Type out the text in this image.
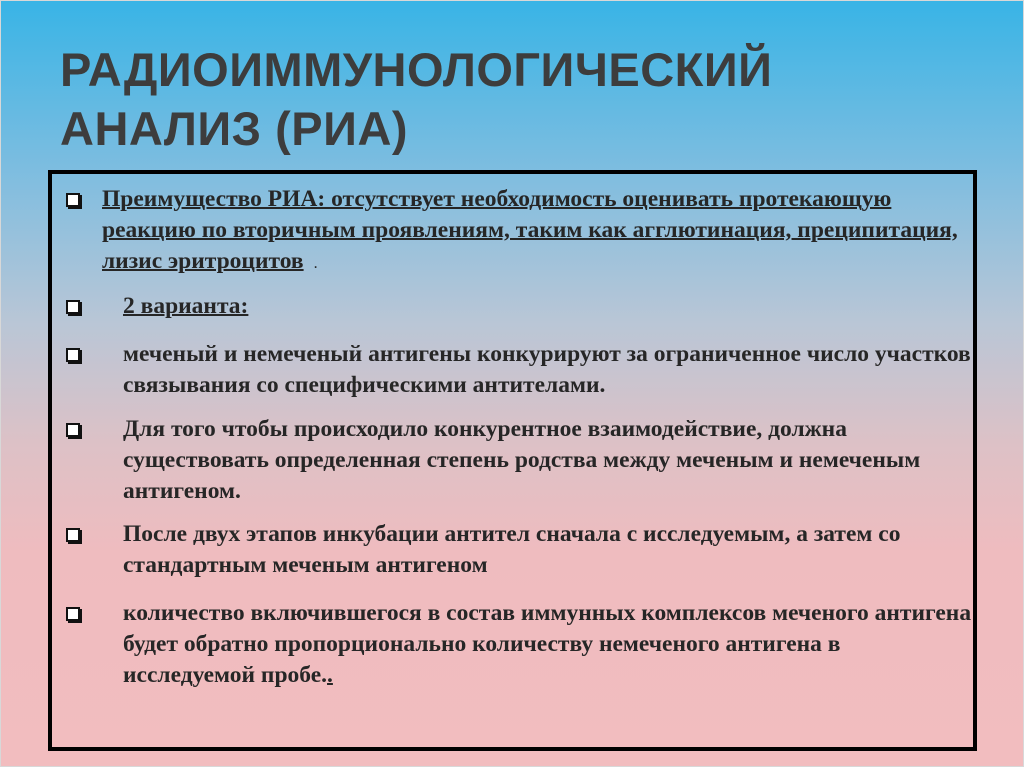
РАДИОИММУНОЛОГИЧЕСКИЙ
АНАЛИЗ (РИА)
Преимущество РИА: отсутствует необходимость оценивать протекающую реакцию по вторичным проявлениям, таким как агглютинация, преципитация, лизис эритроцитов .
2 варианта:
меченый и немеченый антигены конкурируют за ограниченное число участков связывания со специфическими антителами.
Для того чтобы происходило конкурентное взаимодействие, должна существовать определенная степень родства между меченым и немеченым антигеном.
После двух этапов инкубации антител сначала с исследуемым, а затем со стандартным меченым антигеном
количество включившегося в состав иммунных комплексов меченого антигена будет обратно пропорционально количеству немеченого антигена в исследуемой пробе..
